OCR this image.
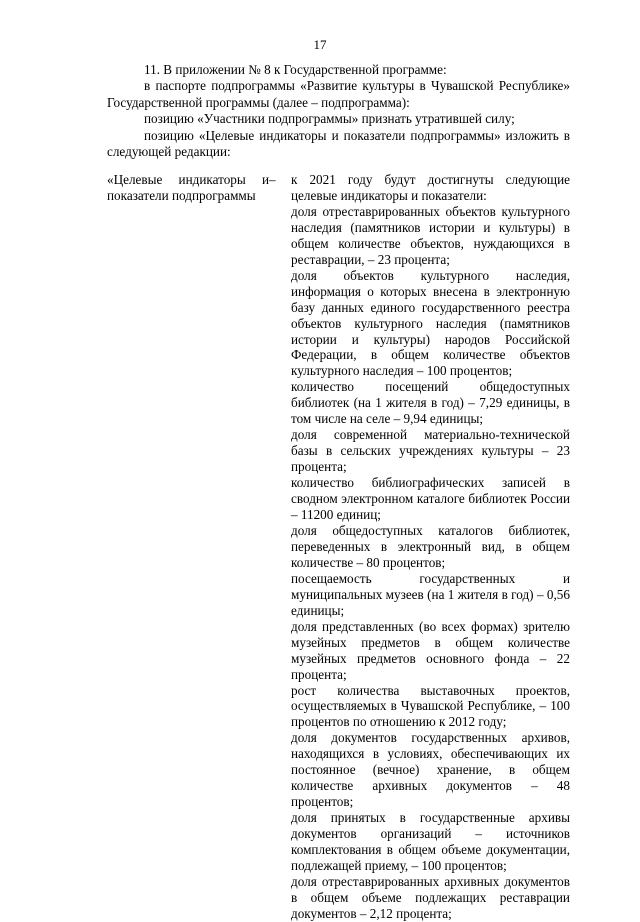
17

11. В приложении № 8 к Государственной программе:

в паспорте подпрограммы «Развитие культуры в Чувашской Республике» Государственной программы (далее – подпрограмма):

позицию «Участники подпрограммы» признать утратившей силу;

позицию «Целевые индикаторы и показатели подпрограммы» изложить в следующей редакции:

«Целевые индикаторы и показатели подпрограммы
–	к 2021 году будут достигнуты следующие целевые индикаторы и показатели:

доля отреставрированных объектов культурного наследия (памятников истории и культуры) в общем количестве объектов, нуждающихся в реставрации, – 23 процента;

доля объектов культурного наследия, информация о которых внесена в электронную базу данных единого государственного реестра объектов культурного наследия (памятников истории и культуры) народов Российской Федерации, в общем количестве объектов культурного наследия – 100 процентов;

количество посещений общедоступных библиотек (на 1 жителя в год) – 7,29 единицы, в том числе на селе – 9,94 единицы;

доля современной материально-технической базы в сельских учреждениях культуры – 23 процента;

количество библиографических записей в сводном электронном каталоге библиотек России – 11200 единиц;

доля общедоступных каталогов библиотек, переведенных в электронный вид, в общем количестве – 80 процентов;

посещаемость государственных и муниципальных музеев (на 1 жителя в год) – 0,56 единицы;

доля представленных (во всех формах) зрителю музейных предметов в общем количестве музейных предметов основного фонда – 22 процента;

рост количества выставочных проектов, осуществляемых в Чувашской Республике, – 100 процентов по отношению к 2012 году;

доля документов государственных архивов, находящихся в условиях, обеспечивающих их постоянное (вечное) хранение, в общем количестве архивных документов – 48 процентов;

доля принятых в государственные архивы документов организаций – источников комплектования в общем объеме документации, подлежащей приему, – 100 процентов;

доля отреставрированных архивных документов в общем объеме подлежащих реставрации документов – 2,12 процента;
